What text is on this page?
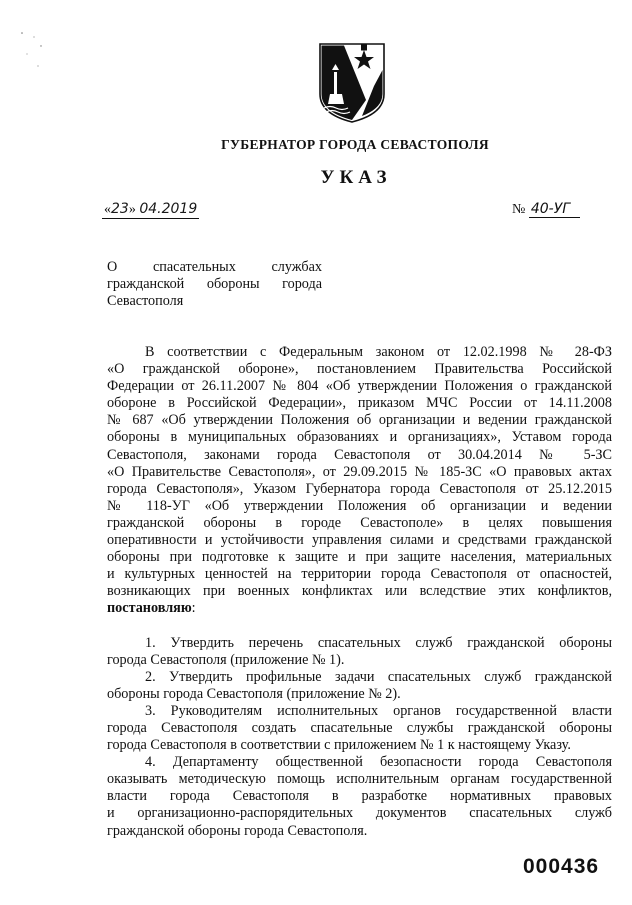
ГУБЕРНАТОР ГОРОДА СЕВАСТОПОЛЯ
УКАЗ
«23» 04.2019	№ 40-УГ
О спасательных службах
гражданской обороны города
Севастополя
В соответствии с Федеральным законом от 12.02.1998 № 28-ФЗ
«О гражданской обороне», постановлением Правительства Российской
Федерации от 26.11.2007 № 804 «Об утверждении Положения о гражданской
обороне в Российской Федерации», приказом МЧС России от 14.11.2008
№ 687 «Об утверждении Положения об организации и ведении гражданской
обороны в муниципальных образованиях и организациях», Уставом города
Севастополя, законами города Севастополя от 30.04.2014 № 5-ЗС
«О Правительстве Севастополя», от 29.09.2015 № 185-ЗС «О правовых актах
города Севастополя», Указом Губернатора города Севастополя от 25.12.2015
№ 118-УГ «Об утверждении Положения об организации и ведении
гражданской обороны в городе Севастополе» в целях повышения
оперативности и устойчивости управления силами и средствами гражданской
обороны при подготовке к защите и при защите населения, материальных
и культурных ценностей на территории города Севастополя от опасностей,
возникающих при военных конфликтах или вследствие этих конфликтов,
постановляю:
1. Утвердить перечень спасательных служб гражданской обороны
города Севастополя (приложение № 1).
2. Утвердить профильные задачи спасательных служб гражданской
обороны города Севастополя (приложение № 2).
3. Руководителям исполнительных органов государственной власти
города Севастополя создать спасательные службы гражданской обороны
города Севастополя в соответствии с приложением № 1 к настоящему Указу.
4. Департаменту общественной безопасности города Севастополя
оказывать методическую помощь исполнительным органам государственной
власти города Севастополя в разработке нормативных правовых
и организационно-распорядительных документов спасательных служб
гражданской обороны города Севастополя.
000436
